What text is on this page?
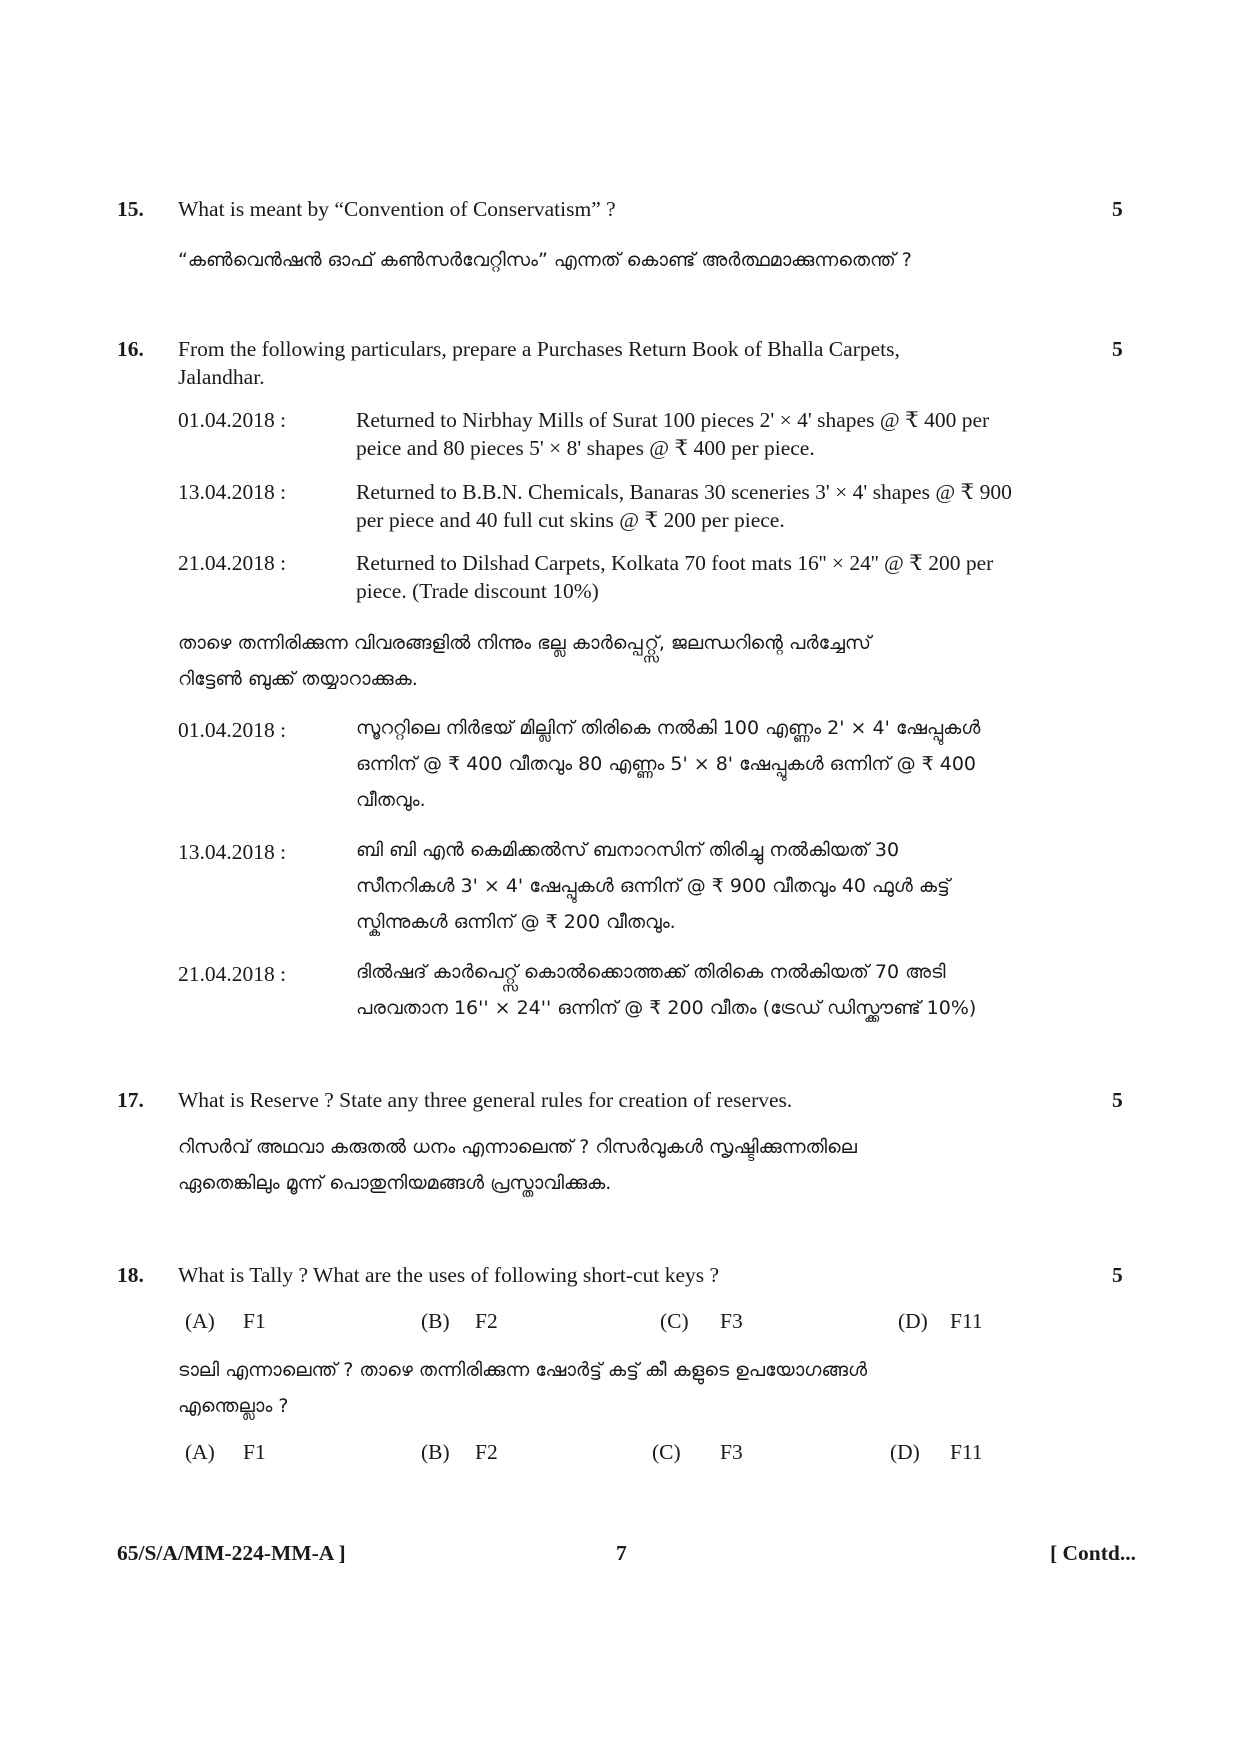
15. What is meant by “Convention of Conservatism” ?	5
“കൺവെൻഷൻ ഓഫ് കൺസർവേറ്റിസം” എന്നത് കൊണ്ട് അർത്ഥമാക്കുന്നതെന്ത് ?
16. From the following particulars, prepare a Purchases Return Book of Bhalla Carpets,	5
Jalandhar.
01.04.2018 :	Returned to Nirbhay Mills of Surat 100 pieces 2' × 4' shapes @ ₹ 400 per
peice and 80 pieces 5' × 8' shapes @ ₹ 400 per piece.
13.04.2018 :	Returned to B.B.N. Chemicals, Banaras 30 sceneries 3' × 4' shapes @ ₹ 900
per piece and 40 full cut skins @ ₹ 200 per piece.
21.04.2018 :	Returned to Dilshad Carpets, Kolkata 70 foot mats 16'' × 24'' @ ₹ 200 per
piece. (Trade discount 10%)
താഴെ തന്നിരിക്കുന്ന വിവരങ്ങളിൽ നിന്നും ഭല്ല കാർപ്പെറ്റ്സ്, ജലന്ധറിന്റെ പർച്ചേസ്
റിട്ടേൺ ബുക്ക് തയ്യാറാക്കുക.
01.04.2018 :	സൂററ്റിലെ നിർഭയ് മില്ലിന് തിരികെ നൽകി 100 എണ്ണം 2' × 4' ഷേപ്പുകൾ
ഒന്നിന് @ ₹ 400 വീതവും 80 എണ്ണം 5' × 8' ഷേപ്പുകൾ ഒന്നിന് @ ₹ 400
വീതവും.
13.04.2018 :	ബി ബി എൻ കെമിക്കൽസ് ബനാറസിന് തിരിച്ചു നൽകിയത് 30
സീനറികൾ 3' × 4' ഷേപ്പുകൾ ഒന്നിന് @ ₹ 900 വീതവും 40 ഫുൾ കട്ട്
സ്കിന്നുകൾ ഒന്നിന് @ ₹ 200 വീതവും.
21.04.2018 :	ദിൽഷദ് കാർപെറ്റ്സ് കൊൽക്കൊത്തക്ക് തിരികെ നൽകിയത് 70 അടി
പരവതാന 16'' × 24'' ഒന്നിന് @ ₹ 200 വീതം (ട്രേഡ് ഡിസ്ക്കൗണ്ട് 10%)
17. What is Reserve ? State any three general rules for creation of reserves.	5
റിസർവ് അഥവാ കരുതൽ ധനം എന്നാലെന്ത് ? റിസർവുകൾ സൃഷ്ടിക്കുന്നതിലെ
ഏതെങ്കിലും മൂന്ന് പൊതുനിയമങ്ങൾ പ്രസ്താവിക്കുക.
18. What is Tally ? What are the uses of following short-cut keys ?	5
(A) F1	(B) F2	(C) F3	(D) F11
ടാലി എന്നാലെന്ത് ? താഴെ തന്നിരിക്കുന്ന ഷോർട്ട് കട്ട് കീ കളുടെ ഉപയോഗങ്ങൾ
എന്തെല്ലാം ?
(A) F1	(B) F2	(C) F3	(D) F11
65/S/A/MM-224-MM-A ]	7	[ Contd...
